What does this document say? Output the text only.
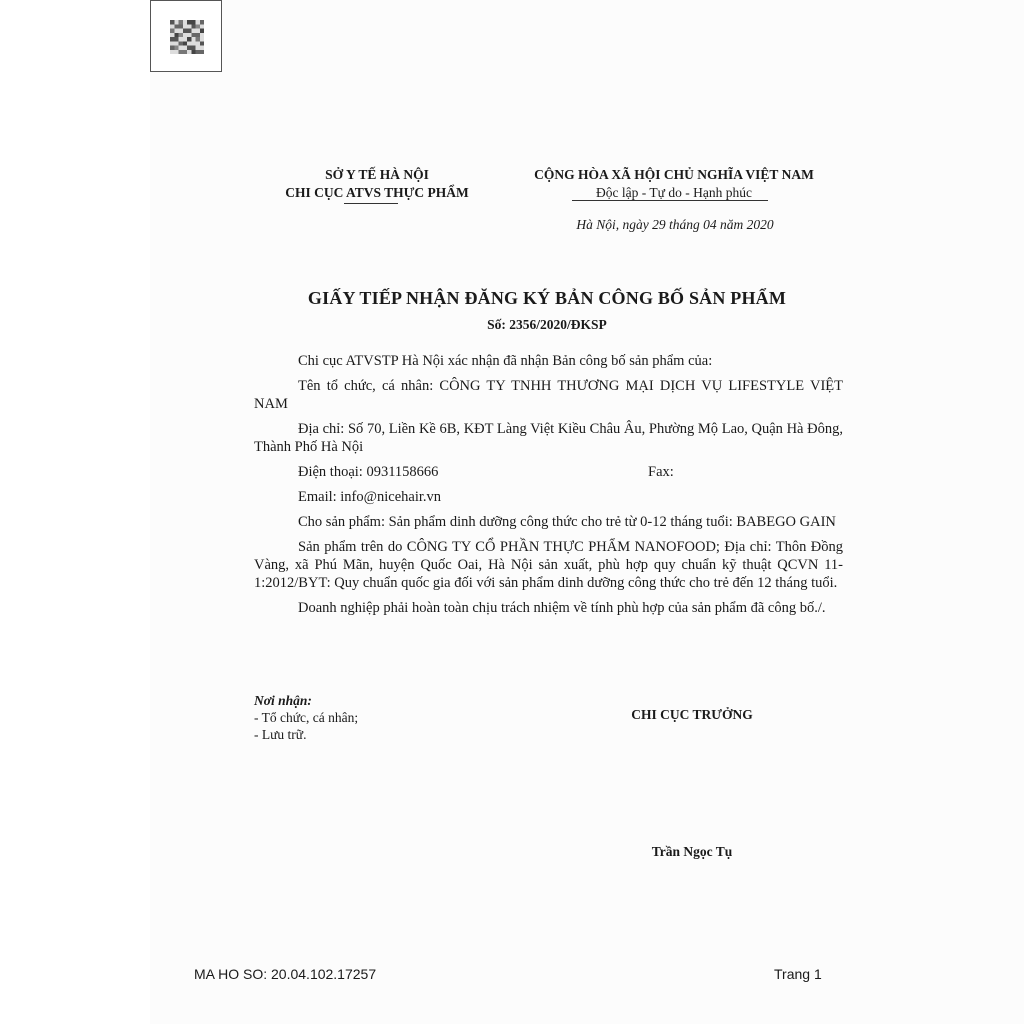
SỞ Y TẾ HÀ NỘI
CHI CỤC ATVS THỰC PHẨM
CỘNG HÒA XÃ HỘI CHỦ NGHĨA VIỆT NAM
Độc lập - Tự do - Hạnh phúc
Hà Nội, ngày 29 tháng 04 năm 2020
GIẤY TIẾP NHẬN ĐĂNG KÝ BẢN CÔNG BỐ SẢN PHẨM
Số: 2356/2020/ĐKSP

Chi cục ATVSTP Hà Nội xác nhận đã nhận Bản công bố sản phẩm của:

Tên tổ chức, cá nhân: CÔNG TY TNHH THƯƠNG MẠI DỊCH VỤ LIFESTYLE VIỆT NAM

Địa chỉ: Số 70, Liền Kề 6B, KĐT Làng Việt Kiều Châu Âu, Phường Mộ Lao, Quận Hà Đông, Thành Phố Hà Nội

Điện thoại: 0931158666	Fax:

Email: info@nicehair.vn

Cho sản phẩm: Sản phẩm dinh dưỡng công thức cho trẻ từ 0-12 tháng tuổi: BABEGO GAIN

Sản phẩm trên do CÔNG TY CỔ PHẦN THỰC PHẨM NANOFOOD; Địa chỉ: Thôn Đồng Vàng, xã Phú Mãn, huyện Quốc Oai, Hà Nội sản xuất, phù hợp quy chuẩn kỹ thuật QCVN 11-1:2012/BYT: Quy chuẩn quốc gia đối với sản phẩm dinh dưỡng công thức cho trẻ đến 12 tháng tuổi.

Doanh nghiệp phải hoàn toàn chịu trách nhiệm về tính phù hợp của sản phẩm đã công bố./.

Nơi nhận:
- Tổ chức, cá nhân;
- Lưu trữ.
CHI CỤC TRƯỞNG
Trần Ngọc Tụ
MA HO SO: 20.04.102.17257	Trang 1
